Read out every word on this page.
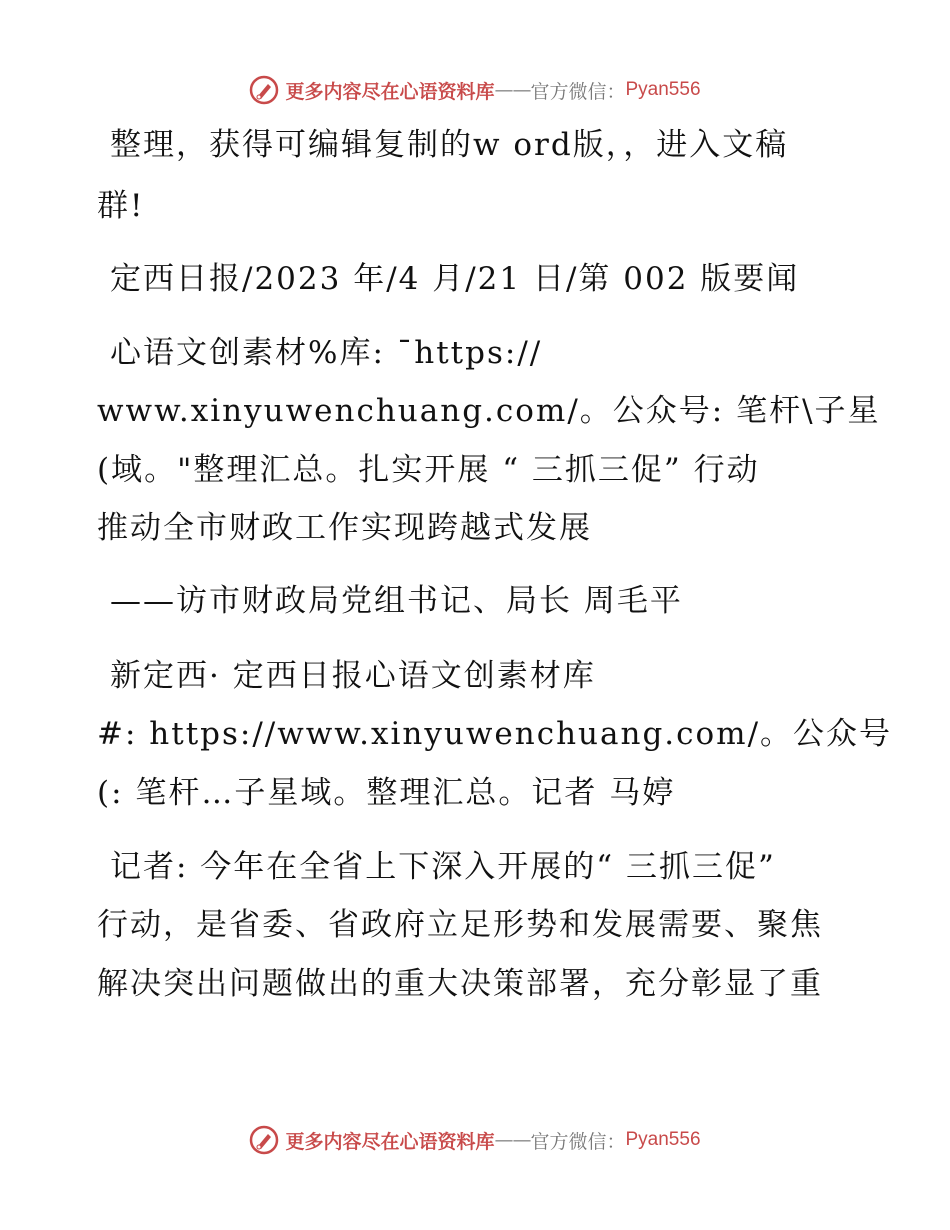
更多内容尽在心语资料库 —— 官方微信： Pyan556
整理，获得可编辑复制的w ord版，，进入文稿
群!
定西日报/2023 年/4 月/21 日/第 002 版要闻
心语文创素材%库: ¯https://
www.xinyuwenchuang.com/。公众号: 笔杆\子星
(域。"整理汇总。扎实开展 “ 三抓三促” 行动
推动全市财政工作实现跨越式发展
——访市财政局党组书记、局长 周毛平
新定西· 定西日报心语文创素材库
#: https://www.xinyuwenchuang.com/。公众号
(: 笔杆…子星域。整理汇总。记者 马婷
记者: 今年在全省上下深入开展的“ 三抓三促”
行动，是省委、省政府立足形势和发展需要、聚焦
解决突出问题做出的重大决策部署，充分彰显了重
更多内容尽在心语资料库 —— 官方微信： Pyan556
